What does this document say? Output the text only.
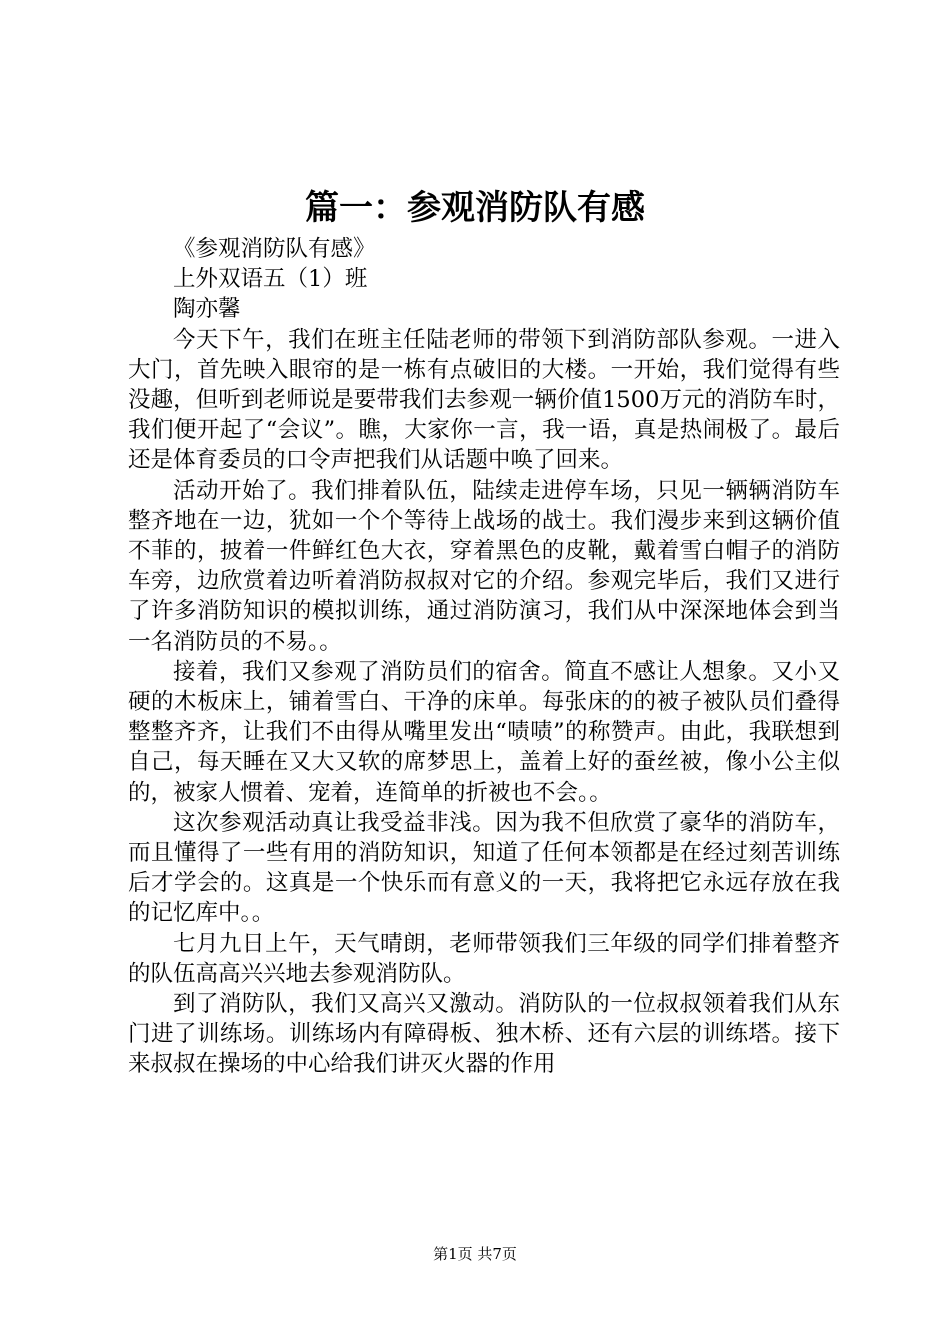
篇一：参观消防队有感

《参观消防队有感》

上外双语五（1）班

陶亦馨

今天下午，我们在班主任陆老师的带领下到消防部队参观。一进入大门，首先映入眼帘的是一栋有点破旧的大楼。一开始，我们觉得有些没趣，但听到老师说是要带我们去参观一辆价值1500万元的消防车时，我们便开起了“会议”。瞧，大家你一言，我一语，真是热闹极了。最后还是体育委员的口令声把我们从话题中唤了回来。

活动开始了。我们排着队伍，陆续走进停车场，只见一辆辆消防车整齐地在一边，犹如一个个等待上战场的战士。我们漫步来到这辆价值不菲的，披着一件鲜红色大衣，穿着黑色的皮靴，戴着雪白帽子的消防车旁，边欣赏着边听着消防叔叔对它的介绍。参观完毕后，我们又进行了许多消防知识的模拟训练，通过消防演习，我们从中深深地体会到当一名消防员的不易。。

接着，我们又参观了消防员们的宿舍。简直不感让人想象。又小又硬的木板床上，铺着雪白、干净的床单。每张床的的被子被队员们叠得整整齐齐，让我们不由得从嘴里发出“啧啧”的称赞声。由此，我联想到自己，每天睡在又大又软的席梦思上，盖着上好的蚕丝被，像小公主似的，被家人惯着、宠着，连简单的折被也不会。。

这次参观活动真让我受益非浅。因为我不但欣赏了豪华的消防车，而且懂得了一些有用的消防知识，知道了任何本领都是在经过刻苦训练后才学会的。这真是一个快乐而有意义的一天，我将把它永远存放在我的记忆库中。。

七月九日上午，天气晴朗，老师带领我们三年级的同学们排着整齐的队伍高高兴兴地去参观消防队。

到了消防队，我们又高兴又激动。消防队的一位叔叔领着我们从东门进了训练场。训练场内有障碍板、独木桥、还有六层的训练塔。接下来叔叔在操场的中心给我们讲灭火器的作用

第1页 共7页
